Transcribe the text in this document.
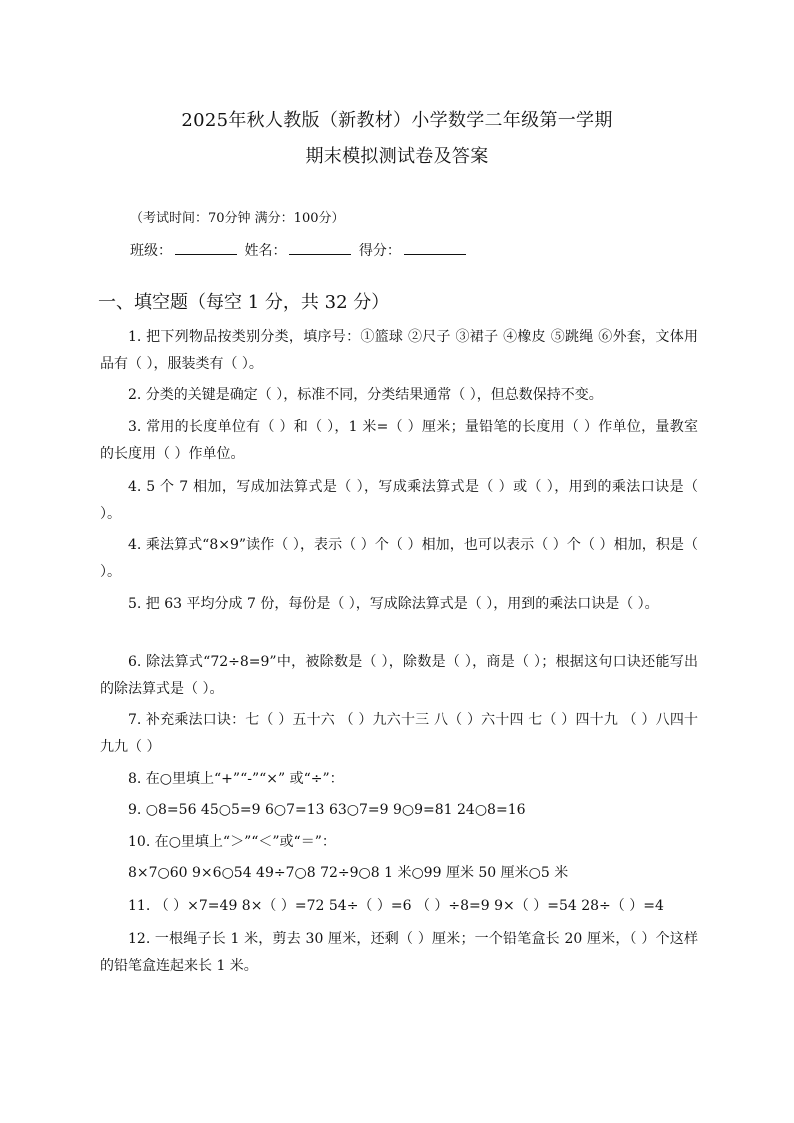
2025年秋人教版（新教材）小学数学二年级第一学期
期末模拟测试卷及答案
（考试时间：70分钟 满分：100分）
班级：	姓名：	得分：
一、填空题（每空 1 分，共 32 分）

1. 把下列物品按类别分类，填序号：①篮球 ②尺子 ③裙子 ④橡皮 ⑤跳绳 ⑥外套，文体用品有（ ），服装类有（ ）。

2. 分类的关键是确定（ ），标准不同，分类结果通常（ ），但总数保持不变。

3. 常用的长度单位有（ ）和（ ），1 米=（ ）厘米；量铅笔的长度用（ ）作单位，量教室的长度用（ ）作单位。

4. 5 个 7 相加，写成加法算式是（ ），写成乘法算式是（ ）或（ ），用到的乘法口诀是（ ）。

4. 乘法算式“8×9”读作（ ），表示（ ）个（ ）相加，也可以表示（ ）个（ ）相加，积是（ ）。

5. 把 63 平均分成 7 份，每份是（ ），写成除法算式是（ ），用到的乘法口诀是（ ）。

6. 除法算式“72÷8=9”中，被除数是（ ），除数是（ ），商是（ ）；根据这句口诀还能写出的除法算式是（ ）。

7. 补充乘法口诀：七（ ）五十六 （ ）九六十三 八（ ）六十四 七（ ）四十九 （ ）八四十 九九（ ）

8. 在○里填上“+”“-”“×” 或“÷”：

9. ○8=56 45○5=9 6○7=13 63○7=9 9○9=81 24○8=16

10. 在○里填上“＞”“＜”或“＝”：

8×7○60 9×6○54 49÷7○8 72÷9○8 1 米○99 厘米 50 厘米○5 米

11. （ ）×7=49 8×（ ）=72 54÷（ ）=6 （ ）÷8=9 9×（ ）=54 28÷（ ）=4

12. 一根绳子长 1 米，剪去 30 厘米，还剩（ ）厘米；一个铅笔盒长 20 厘米，（ ）个这样的铅笔盒连起来长 1 米。
